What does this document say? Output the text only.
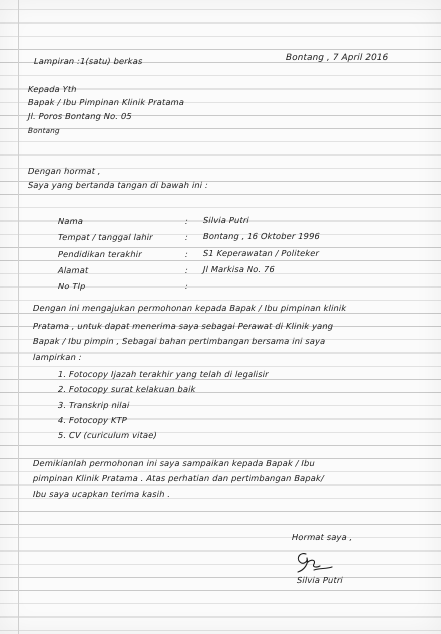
Lampiran :1(satu) berkas	Bontang , 7 April 2016
Kepada Yth
Bapak / Ibu Pimpinan Klinik Pratama
Jl. Poros Bontang No. 05
Bontang
Dengan hormat ,
Saya yang bertanda tangan di bawah ini :
Nama	: Silvia Putri
Tempat / tanggal lahir	: Bontang , 16 Oktober 1996
Pendidikan terakhir	: S1 Keperawatan / Politeker
Alamat	: Jl Markisa No. 76
No Tlp	:
Dengan ini mengajukan permohonan kepada Bapak / Ibu pimpinan klinik
Pratama , untuk dapat menerima saya sebagai Perawat di Klinik yang
Bapak / Ibu pimpin , Sebagai bahan pertimbangan bersama ini saya
lampirkan :
1. Fotocopy Ijazah terakhir yang telah di legalisir
2. Fotocopy surat kelakuan baik
3. Transkrip nilai
4. Fotocopy KTP
5. CV (curiculum vitae)
Demikianlah permohonan ini saya sampaikan kepada Bapak / Ibu
pimpinan Klinik Pratama . Atas perhatian dan pertimbangan Bapak/
Ibu saya ucapkan terima kasih .
Hormat saya ,
Silvia Putri
